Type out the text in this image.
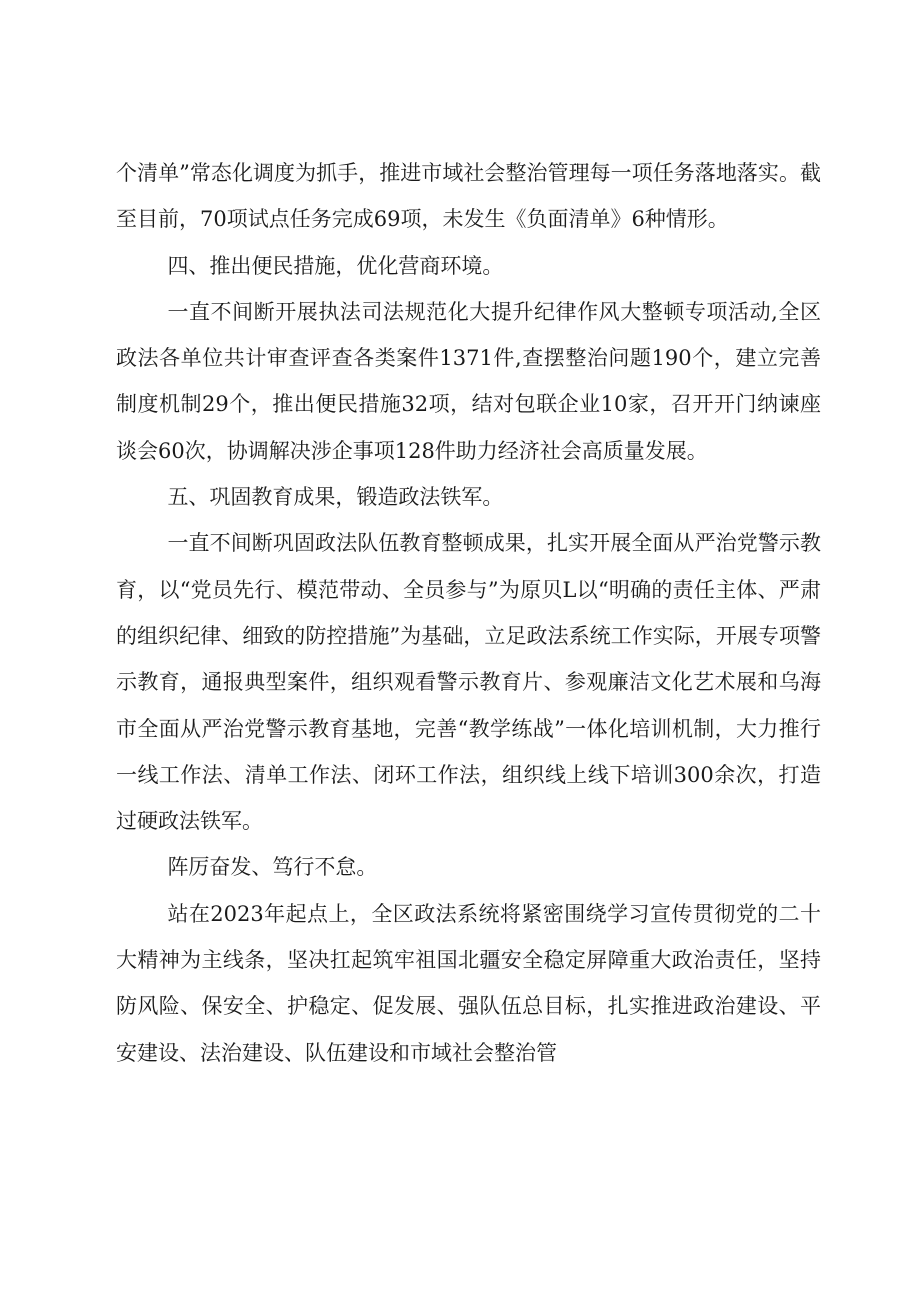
个清单”常态化调度为抓手，推进市域社会整治管理每一项任务落地落实。截至目前，70项试点任务完成69项，未发生《负面清单》6种情形。

四、推出便民措施，优化营商环境。

一直不间断开展执法司法规范化大提升纪律作风大整顿专项活动,全区政法各单位共计审查评查各类案件1371件,查摆整治问题190个，建立完善制度机制29个，推出便民措施32项，结对包联企业10家，召开开门纳谏座谈会60次，协调解决涉企事项128件助力经济社会高质量发展。

五、巩固教育成果，锻造政法铁军。

一直不间断巩固政法队伍教育整顿成果，扎实开展全面从严治党警示教育，以“党员先行、模范带动、全员参与”为原贝L以“明确的责任主体、严肃的组织纪律、细致的防控措施”为基础，立足政法系统工作实际，开展专项警示教育，通报典型案件，组织观看警示教育片、参观廉洁文化艺术展和乌海市全面从严治党警示教育基地，完善“教学练战”一体化培训机制，大力推行一线工作法、清单工作法、闭环工作法，组织线上线下培训300余次，打造过硬政法铁军。

阵厉奋发、笃行不怠。

站在2023年起点上，全区政法系统将紧密围绕学习宣传贯彻党的二十大精神为主线条，坚决扛起筑牢祖国北疆安全稳定屏障重大政治责任，坚持防风险、保安全、护稳定、促发展、强队伍总目标，扎实推进政治建设、平安建设、法治建设、队伍建设和市域社会整治管
